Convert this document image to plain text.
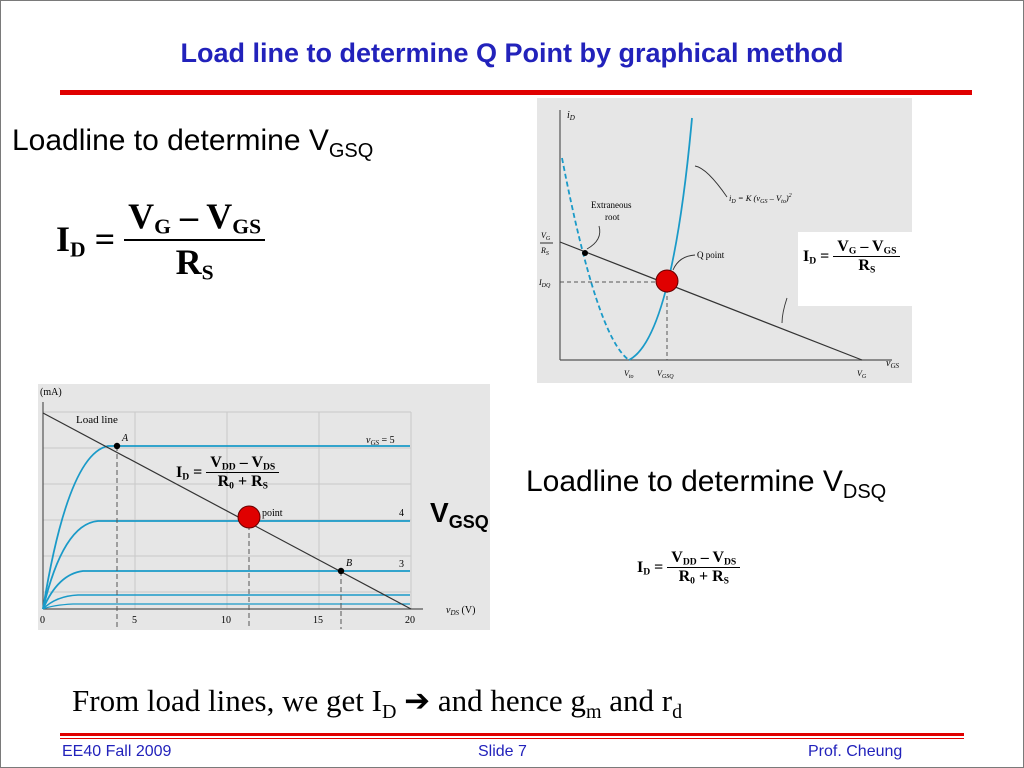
Load line to determine Q Point by graphical method
Loadline to determine $V_{GSQ}$
$I_D = \frac{V_G - V_{GS}}{R_S}$
$i_D$
$v_{GS}$
Extraneous
root
Q point
$i_D = K$ $(v_{GS} - V_{to})^2$
$V_G$
$R_S$
$I_{DQ}$
$V_{to}$	$V_{GSQ}$	$V_G$
$I_D = \frac{V_G - V_{GS}}{R_S}$
(mA)
Load line
A
B
point
$v_{GS} = 5$
4
3
$v_{DS}$ (V)
0	5	10	15	20
$I_D = \frac{V_{DD} - V_{DS}}{R_0 + R_S}$
$V_{GSQ}$
Loadline to determine $V_{DSQ}$
$I_D = \frac{V_{DD} - V_{DS}}{R_0 + R_S}$
From load lines, we get $I_D$ ➔ and hence $g_m$ and $r_d$
EE40 Fall 2009	Slide 7	Prof. Cheung
